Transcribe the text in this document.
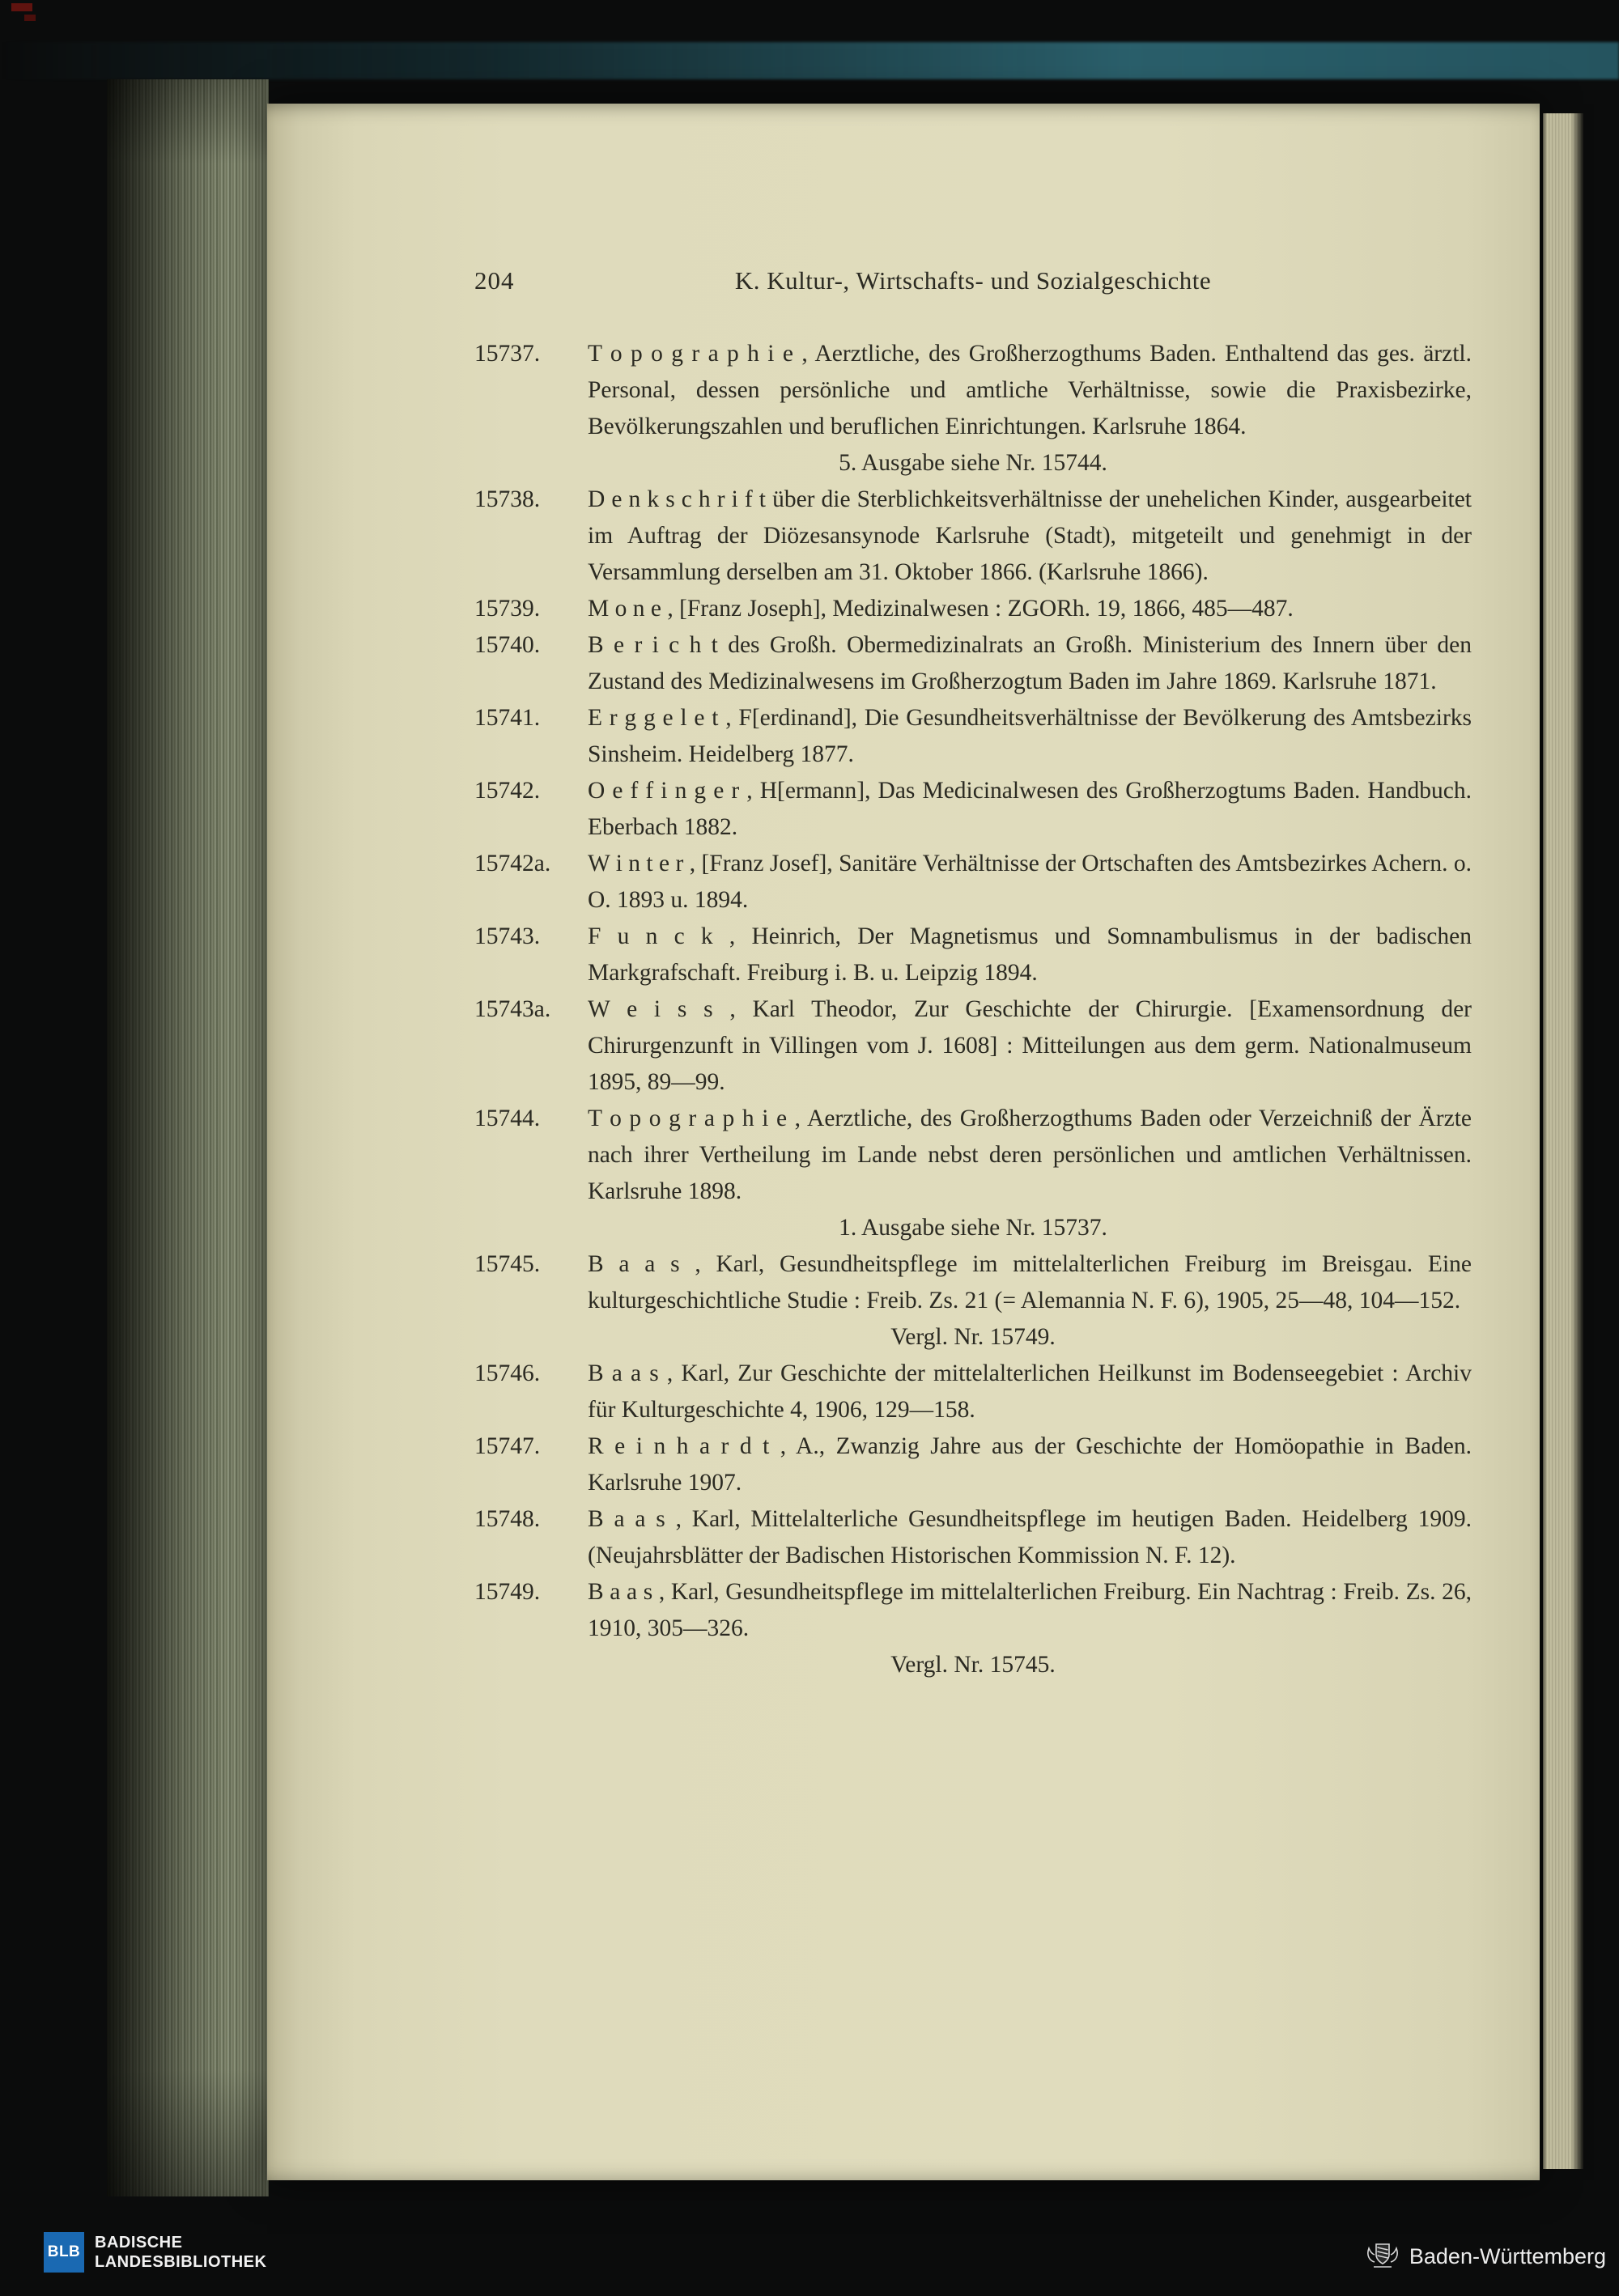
204	K. Kultur-, Wirtschafts- und Sozialgeschichte
15737. T o p o g r a p h i e , Aerztliche, des Großherzogthums Baden. Enthaltend das ges. ärztl. Personal, dessen persönliche und amtliche Verhältnisse, sowie die Praxisbezirke, Bevölkerungszahlen und beruflichen Einrichtungen. Karlsruhe 1864.
5. Ausgabe siehe Nr. 15744.
15738. D e n k s c h r i f t über die Sterblichkeitsverhältnisse der unehelichen Kinder, ausgearbeitet im Auftrag der Diözesansynode Karlsruhe (Stadt), mitgeteilt und genehmigt in der Versammlung derselben am 31. Oktober 1866. (Karlsruhe 1866).
15739. M o n e , [Franz Joseph], Medizinalwesen : ZGORh. 19, 1866, 485—487.
15740. B e r i c h t des Großh. Obermedizinalrats an Großh. Ministerium des Innern über den Zustand des Medizinalwesens im Großherzogtum Baden im Jahre 1869. Karlsruhe 1871.
15741. E r g g e l e t , F[erdinand], Die Gesundheitsverhältnisse der Bevölkerung des Amtsbezirks Sinsheim. Heidelberg 1877.
15742. O e f f i n g e r , H[ermann], Das Medicinalwesen des Großherzogtums Baden. Handbuch. Eberbach 1882.
15742a. W i n t e r , [Franz Josef], Sanitäre Verhältnisse der Ortschaften des Amtsbezirkes Achern. o. O. 1893 u. 1894.
15743. F u n c k , Heinrich, Der Magnetismus und Somnambulismus in der badischen Markgrafschaft. Freiburg i. B. u. Leipzig 1894.
15743a. W e i s s , Karl Theodor, Zur Geschichte der Chirurgie. [Examensordnung der Chirurgenzunft in Villingen vom J. 1608] : Mitteilungen aus dem germ. Nationalmuseum 1895, 89—99.
15744. T o p o g r a p h i e , Aerztliche, des Großherzogthums Baden oder Verzeichniß der Ärzte nach ihrer Vertheilung im Lande nebst deren persönlichen und amtlichen Verhältnissen. Karlsruhe 1898.
1. Ausgabe siehe Nr. 15737.
15745. B a a s , Karl, Gesundheitspflege im mittelalterlichen Freiburg im Breisgau. Eine kulturgeschichtliche Studie : Freib. Zs. 21 (= Alemannia N. F. 6), 1905, 25—48, 104—152.
Vergl. Nr. 15749.
15746. B a a s , Karl, Zur Geschichte der mittelalterlichen Heilkunst im Bodenseegebiet : Archiv für Kulturgeschichte 4, 1906, 129—158.
15747. R e i n h a r d t , A., Zwanzig Jahre aus der Geschichte der Homöopathie in Baden. Karlsruhe 1907.
15748. B a a s , Karl, Mittelalterliche Gesundheitspflege im heutigen Baden. Heidelberg 1909. (Neujahrsblätter der Badischen Historischen Kommission N. F. 12).
15749. B a a s , Karl, Gesundheitspflege im mittelalterlichen Freiburg. Ein Nachtrag : Freib. Zs. 26, 1910, 305—326.
Vergl. Nr. 15745.
BLB
BADISCHE
LANDESBIBLIOTHEK	Baden-Württemberg
